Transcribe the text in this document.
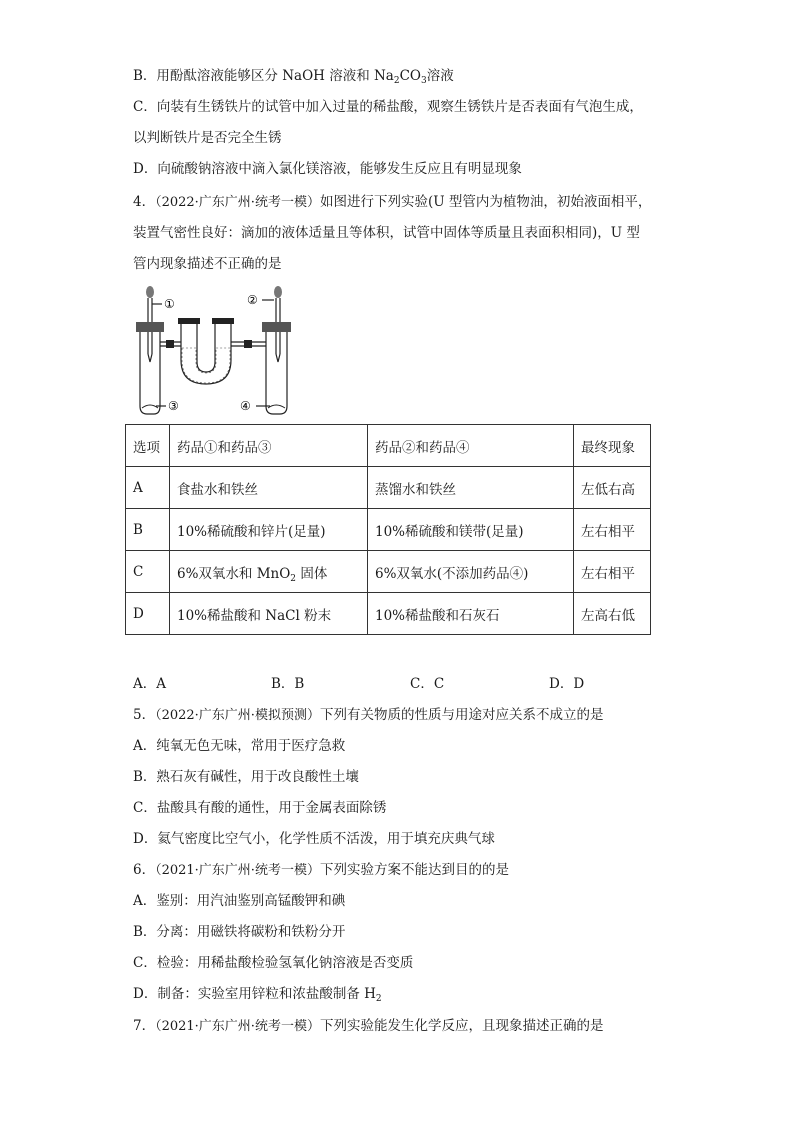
B．用酚酞溶液能够区分 NaOH 溶液和 $Na_2CO_3$溶液
C．向装有生锈铁片的试管中加入过量的稀盐酸，观察生锈铁片是否表面有气泡生成，
以判断铁片是否完全生锈
D．向硫酸钠溶液中滴入氯化镁溶液，能够发生反应且有明显现象
4．（2022·广东广州·统考一模）如图进行下列实验(U 型管内为植物油，初始液面相平，
装置气密性良好：滴加的液体适量且等体积，试管中固体等质量且表面积相同)，U 型
管内现象描述不正确的是
①	②
③	④
选项	药品①和药品③	药品②和药品④	最终现象
A	食盐水和铁丝	蒸馏水和铁丝	左低右高
B	10%稀硫酸和锌片(足量)	10%稀硫酸和镁带(足量)	左右相平
C	6%双氧水和 MnO$_2$ 固体	6%双氧水(不添加药品④)	左右相平
D	10%稀盐酸和 NaCl 粉末	10%稀盐酸和石灰石	左高右低
A．A	B．B	C．C	D．D
5．（2022·广东广州·模拟预测）下列有关物质的性质与用途对应关系不成立的是
A．纯氧无色无味，常用于医疗急救
B．熟石灰有碱性，用于改良酸性土壤
C．盐酸具有酸的通性，用于金属表面除锈
D．氦气密度比空气小，化学性质不活泼，用于填充庆典气球
6．（2021·广东广州·统考一模）下列实验方案不能达到目的的是
A．鉴别：用汽油鉴别高锰酸钾和碘
B．分离：用磁铁将碳粉和铁粉分开
C．检验：用稀盐酸检验氢氧化钠溶液是否变质
D．制备：实验室用锌粒和浓盐酸制备 $H_2$
7．（2021·广东广州·统考一模）下列实验能发生化学反应，且现象描述正确的是
